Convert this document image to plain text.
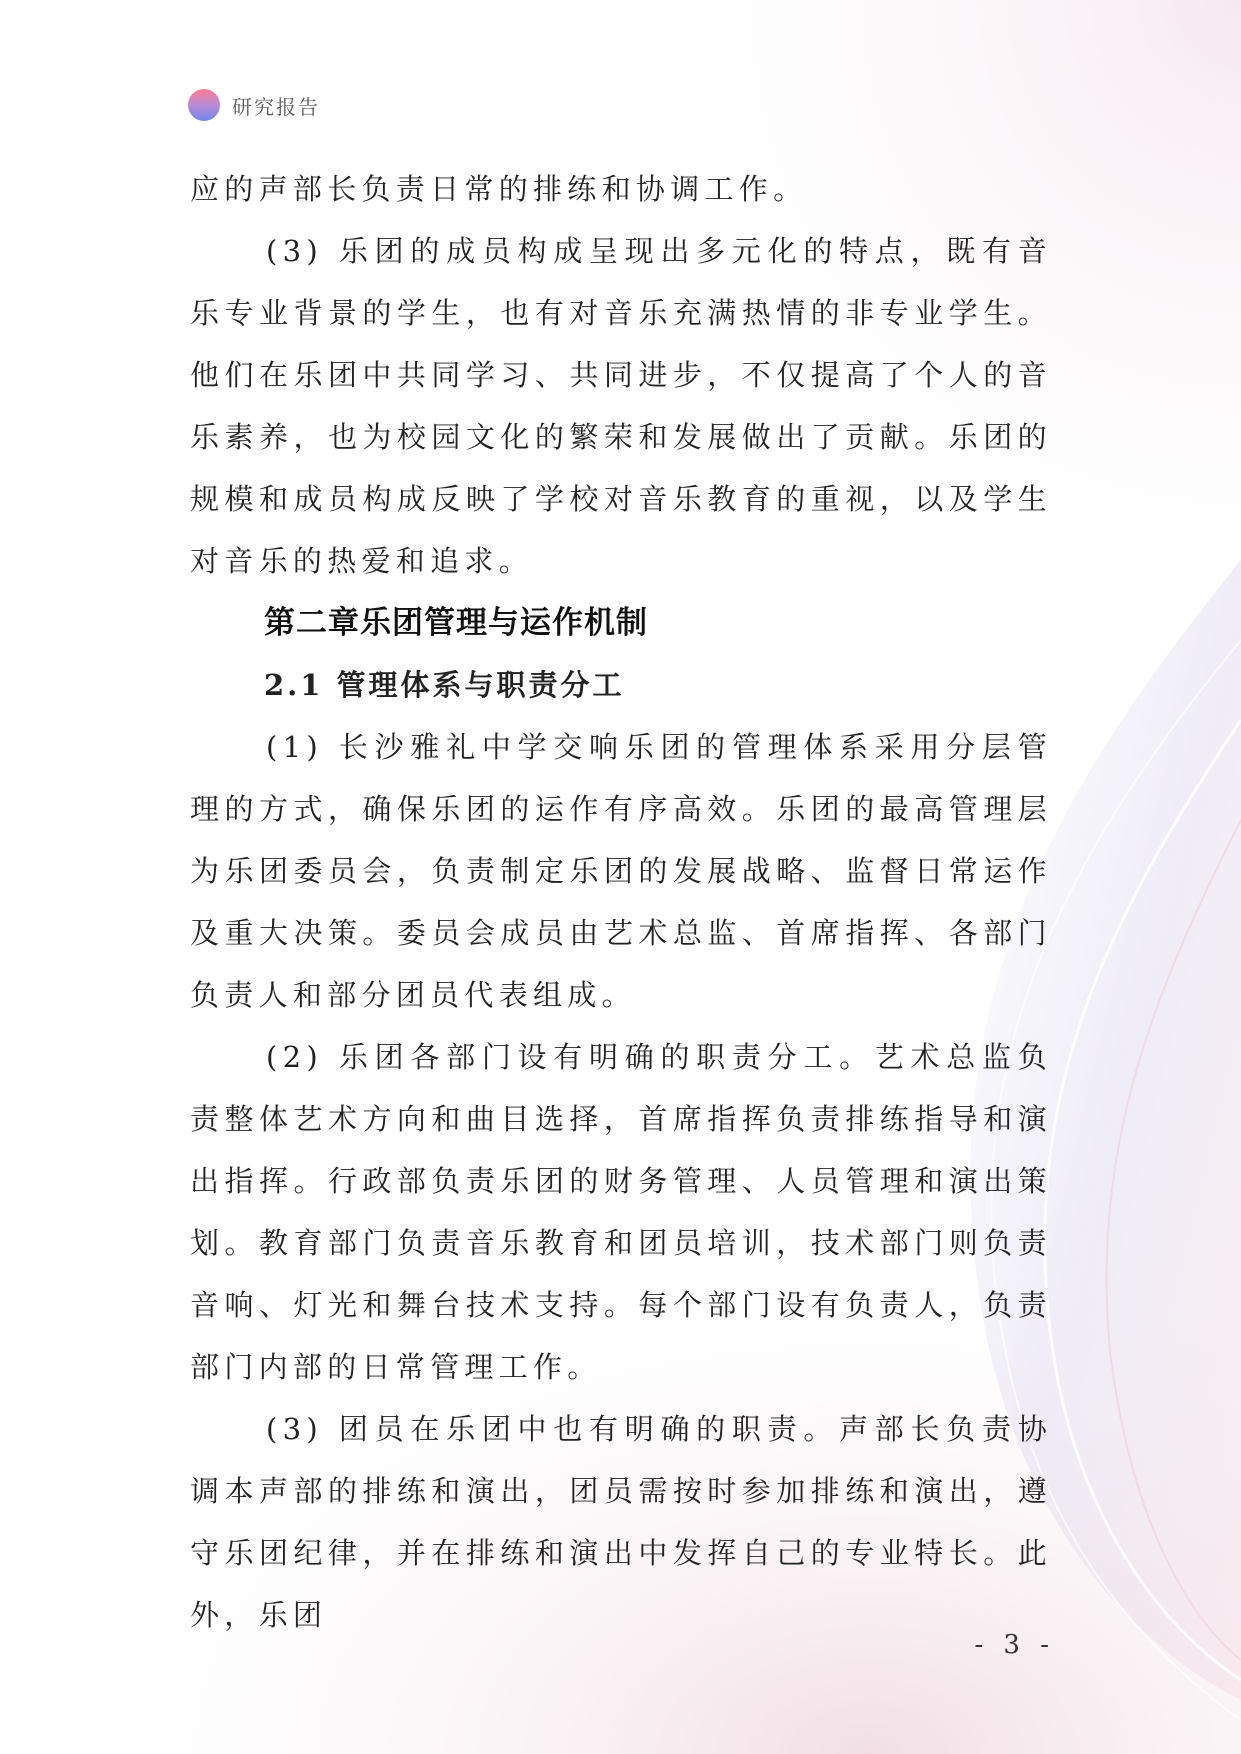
研究报告

应的声部长负责日常的排练和协调工作。

(3) 乐团的成员构成呈现出多元化的特点，既有音乐专业背景的学生，也有对音乐充满热情的非专业学生。他们在乐团中共同学习、共同进步，不仅提高了个人的音乐素养，也为校园文化的繁荣和发展做出了贡献。乐团的规模和成员构成反映了学校对音乐教育的重视，以及学生对音乐的热爱和追求。

第二章乐团管理与运作机制
2.1 管理体系与职责分工

(1) 长沙雅礼中学交响乐团的管理体系采用分层管理的方式，确保乐团的运作有序高效。乐团的最高管理层为乐团委员会，负责制定乐团的发展战略、监督日常运作及重大决策。委员会成员由艺术总监、首席指挥、各部门负责人和部分团员代表组成。

(2) 乐团各部门设有明确的职责分工。艺术总监负责整体艺术方向和曲目选择，首席指挥负责排练指导和演出指挥。行政部负责乐团的财务管理、人员管理和演出策划。教育部门负责音乐教育和团员培训，技术部门则负责音响、灯光和舞台技术支持。每个部门设有负责人，负责部门内部的日常管理工作。

(3) 团员在乐团中也有明确的职责。声部长负责协调本声部的排练和演出，团员需按时参加排练和演出，遵守乐团纪律，并在排练和演出中发挥自己的专业特长。此外，乐团

- 3 -
